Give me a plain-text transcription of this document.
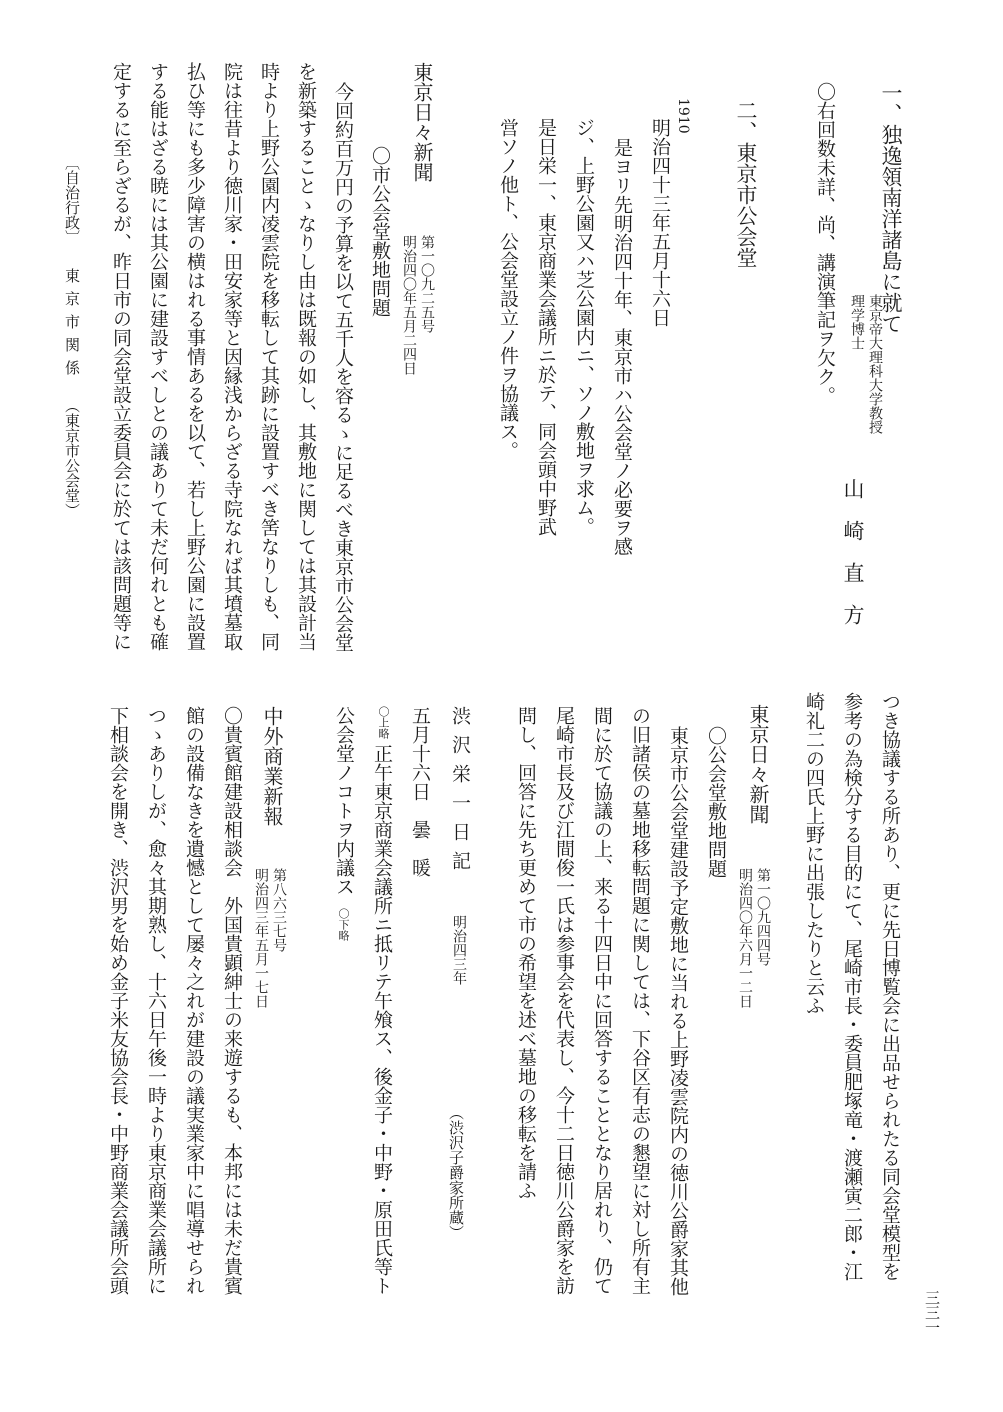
一、独逸領南洋諸島に就て
東京帝大理科大学教授
理学博士
山　崎　直　方
〇右回数未詳、尚、講演筆記ヲ欠ク。
二、東京市公会堂
1910
明治四十三年五月十六日
是ヨリ先明治四十年、東京市ハ公会堂ノ必要ヲ感
ジ、上野公園又ハ芝公園内ニ、ソノ敷地ヲ求ム。
是日栄一、東京商業会議所ニ於テ、同会頭中野武
営ソノ他ト、公会堂設立ノ件ヲ協議ス。
東京日々新聞
第一〇九二五号
明治四〇年五月二四日
〇市公会堂敷地問題
今回約百万円の予算を以て五千人を容るゝに足るべき東京市公会堂
を新築することゝなりし由は既報の如し、其敷地に関しては其設計当
時より上野公園内凌雲院を移転して其跡に設置すべき筈なりしも、同
院は往昔より徳川家・田安家等と因縁浅からざる寺院なれば其墳墓取
払ひ等にも多少障害の横はれる事情あるを以て、若し上野公園に設置
する能はざる暁には其公園に建設すべしとの議ありて未だ何れとも確
定するに至らざるが、昨日市の同会堂設立委員会に於ては該問題等に
〔自治行政〕
東京市関係
（東京市公会堂）
つき協議する所あり、更に先日博覧会に出品せられたる同会堂模型を
参考の為検分する目的にて、尾崎市長・委員肥塚竜・渡瀬寅二郎・江
崎礼二の四氏上野に出張したりと云ふ
東京日々新聞
第一〇九四四号
明治四〇年六月一二日
〇公会堂敷地問題
東京市公会堂建設予定敷地に当れる上野凌雲院内の徳川公爵家其他
の旧諸侯の墓地移転問題に関しては、下谷区有志の懇望に対し所有主
間に於て協議の上、来る十四日中に回答することとなり居れり、仍て
尾崎市長及び江間俊一氏は参事会を代表し、今十二日徳川公爵家を訪
問し、回答に先ち更めて市の希望を述べ墓地の移転を請ふ
渋沢栄一日記
明治四三年
（渋沢子爵家所蔵）
五月十六日　曇　暖
〇上略
正午東京商業会議所ニ抵リテ午飧ス、後金子・中野・原田氏等ト
公会堂ノコトヲ内議ス
〇下略
中外商業新報
第八六三七号
明治四三年五月一七日
〇貴賓館建設相談会　外国貴顕紳士の来遊するも、本邦には未だ貴賓
館の設備なきを遺憾として屡々之れが建設の議実業家中に唱導せられ
つゝありしが、愈々其期熟し、十六日午後一時より東京商業会議所に
下相談会を開き、渋沢男を始め金子米友協会長・中野商業会議所会頭
三三一
